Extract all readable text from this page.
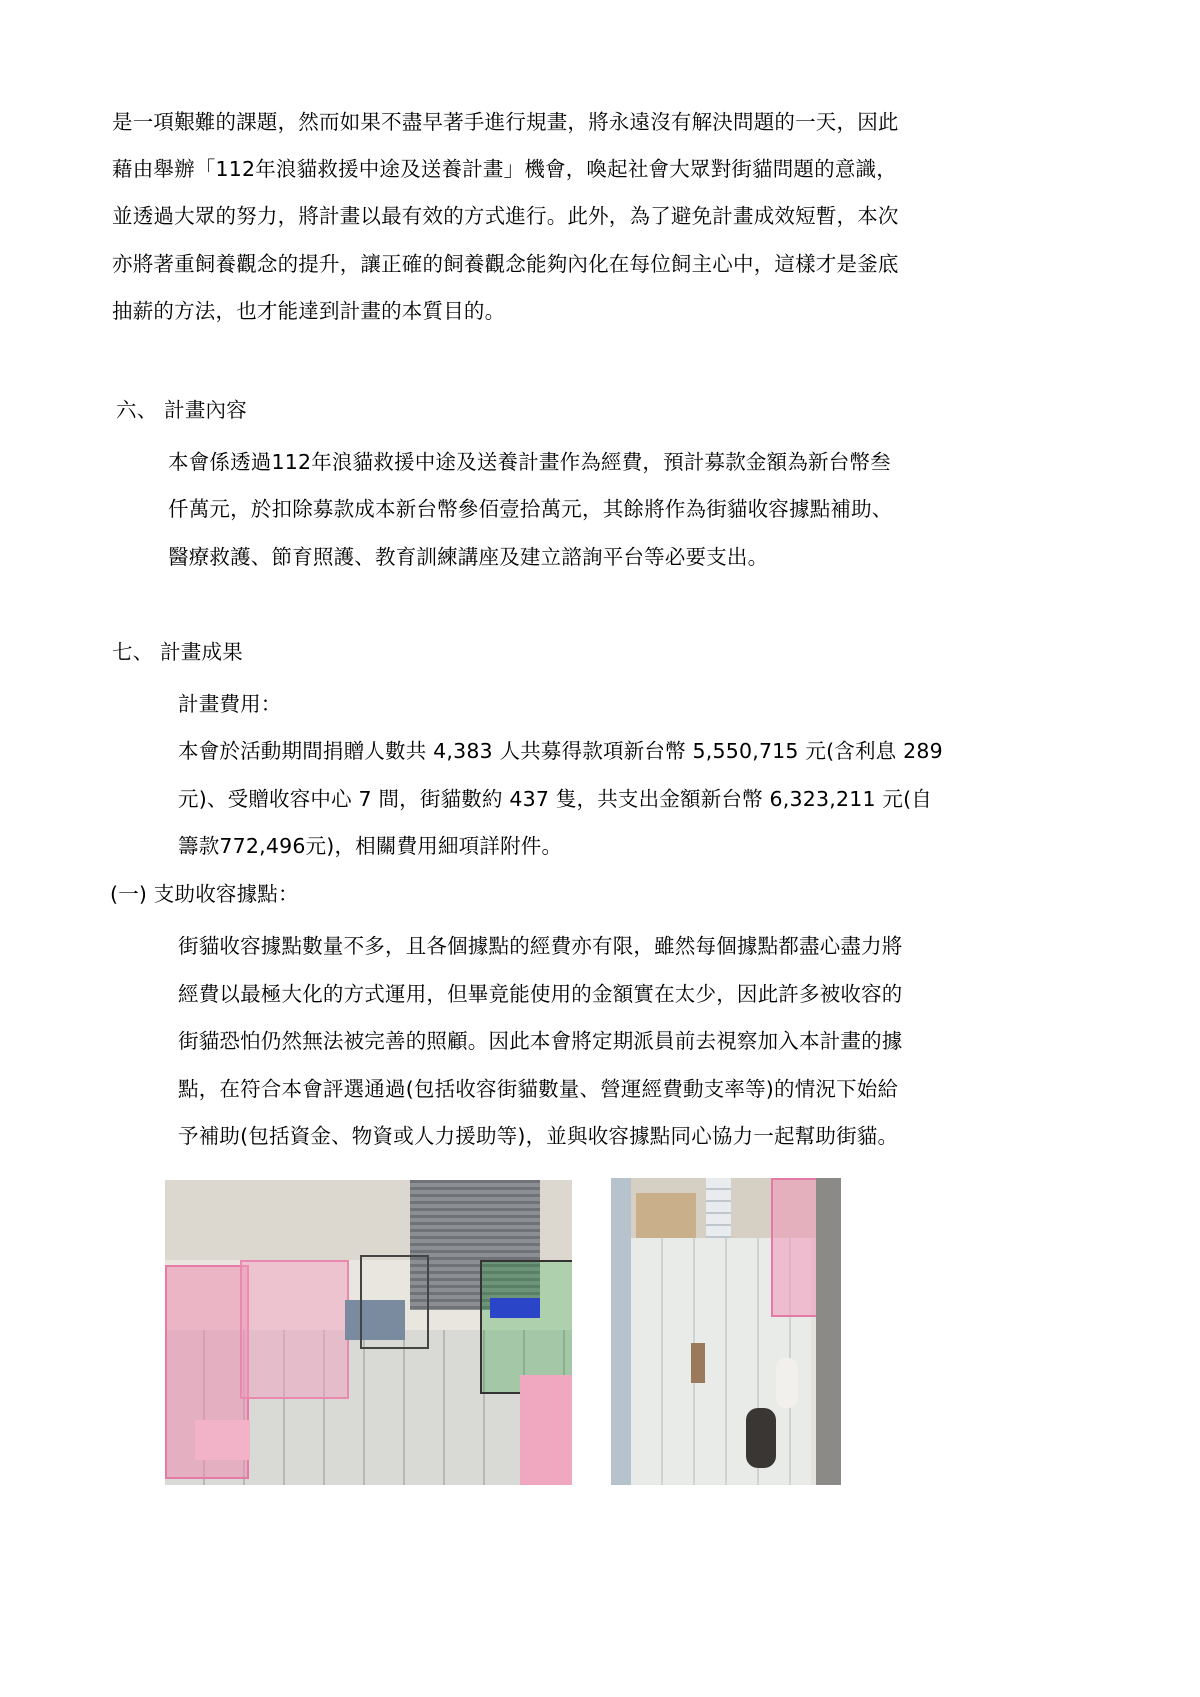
是一項艱難的課題，然而如果不盡早著手進行規畫，將永遠沒有解決問題的一天，因此
藉由舉辦「112年浪貓救援中途及送養計畫」機會，喚起社會大眾對街貓問題的意識，
並透過大眾的努力，將計畫以最有效的方式進行。此外，為了避免計畫成效短暫，本次
亦將著重飼養觀念的提升，讓正確的飼養觀念能夠內化在每位飼主心中，這樣才是釜底
抽薪的方法，也才能達到計畫的本質目的。
六、 計畫內容
本會係透過112年浪貓救援中途及送養計畫作為經費，預計募款金額為新台幣叁
仟萬元，於扣除募款成本新台幣參佰壹拾萬元，其餘將作為街貓收容據點補助、
醫療救護、節育照護、教育訓練講座及建立諮詢平台等必要支出。
七、 計畫成果
計畫費用：
本會於活動期間捐贈人數共 4,383 人共募得款項新台幣 5,550,715 元(含利息 289
元)、受贈收容中心 7 間，街貓數約 437 隻，共支出金額新台幣 6,323,211 元(自
籌款772,496元)，相關費用細項詳附件。
(一) 支助收容據點：
街貓收容據點數量不多，且各個據點的經費亦有限，雖然每個據點都盡心盡力將
經費以最極大化的方式運用，但畢竟能使用的金額實在太少，因此許多被收容的
街貓恐怕仍然無法被完善的照顧。因此本會將定期派員前去視察加入本計畫的據
點，在符合本會評選通過(包括收容街貓數量、營運經費動支率等)的情況下始給
予補助(包括資金、物資或人力援助等)，並與收容據點同心協力一起幫助街貓。
